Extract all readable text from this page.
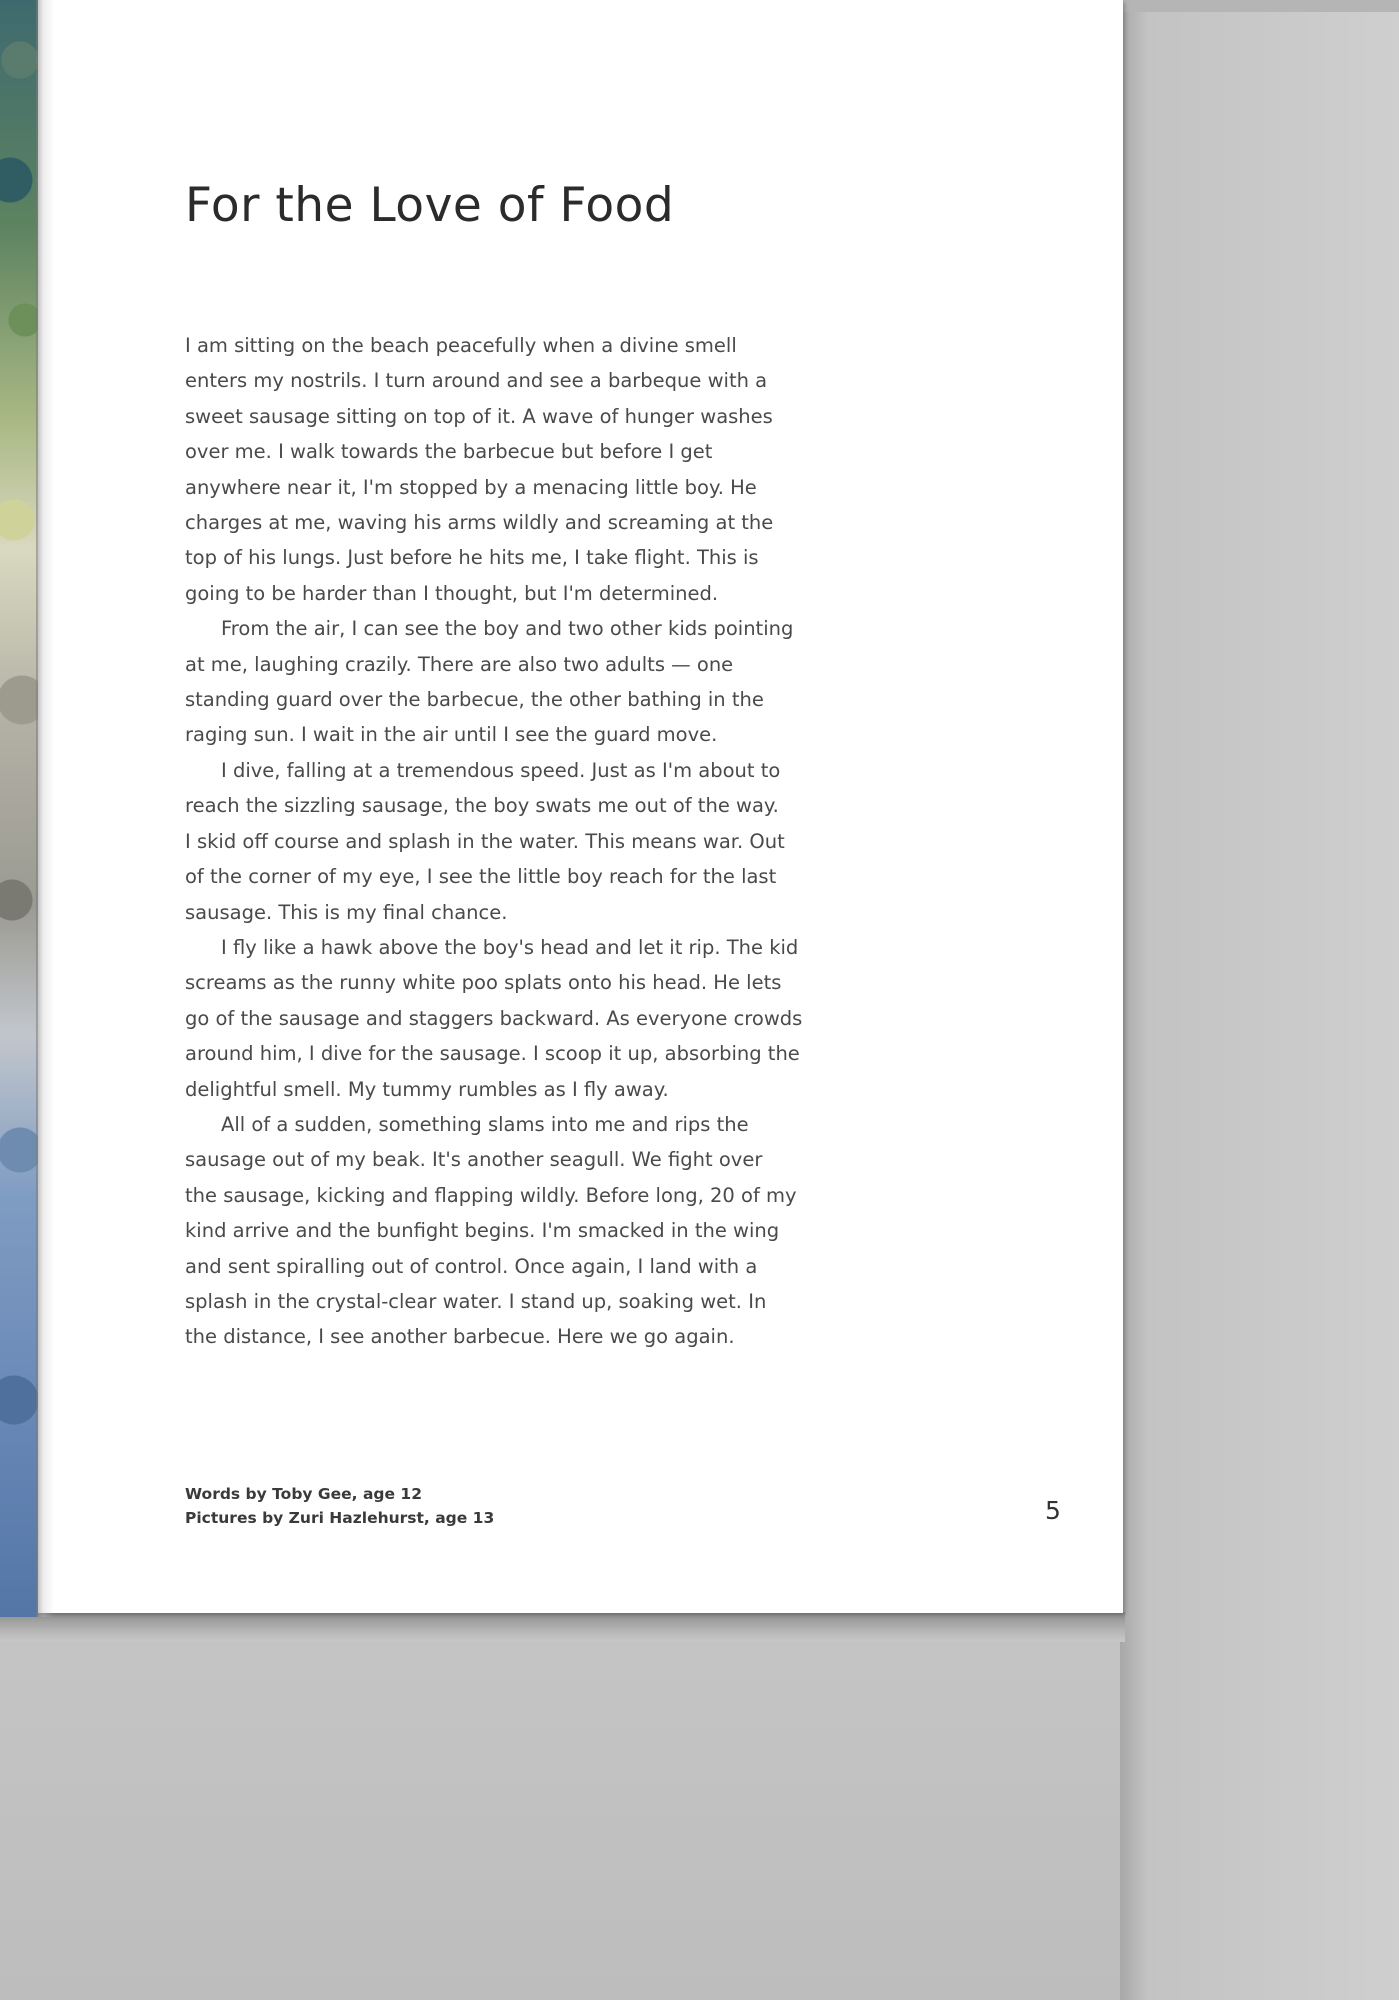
For the Love of Food

I am sitting on the beach peacefully when a divine smell
enters my nostrils. I turn around and see a barbeque with a
sweet sausage sitting on top of it. A wave of hunger washes
over me. I walk towards the barbecue but before I get
anywhere near it, I'm stopped by a menacing little boy. He
charges at me, waving his arms wildly and screaming at the
top of his lungs. Just before he hits me, I take flight. This is
going to be harder than I thought, but I'm determined.

From the air, I can see the boy and two other kids pointing
at me, laughing crazily. There are also two adults — one
standing guard over the barbecue, the other bathing in the
raging sun. I wait in the air until I see the guard move.

I dive, falling at a tremendous speed. Just as I'm about to
reach the sizzling sausage, the boy swats me out of the way.
I skid off course and splash in the water. This means war. Out
of the corner of my eye, I see the little boy reach for the last
sausage. This is my final chance.

I fly like a hawk above the boy's head and let it rip. The kid
screams as the runny white poo splats onto his head. He lets
go of the sausage and staggers backward. As everyone crowds
around him, I dive for the sausage. I scoop it up, absorbing the
delightful smell. My tummy rumbles as I fly away.

All of a sudden, something slams into me and rips the
sausage out of my beak. It's another seagull. We fight over
the sausage, kicking and flapping wildly. Before long, 20 of my
kind arrive and the bunfight begins. I'm smacked in the wing
and sent spiralling out of control. Once again, I land with a
splash in the crystal-clear water. I stand up, soaking wet. In
the distance, I see another barbecue. Here we go again.

Words by Toby Gee, age 12
Pictures by Zuri Hazlehurst, age 13	5
